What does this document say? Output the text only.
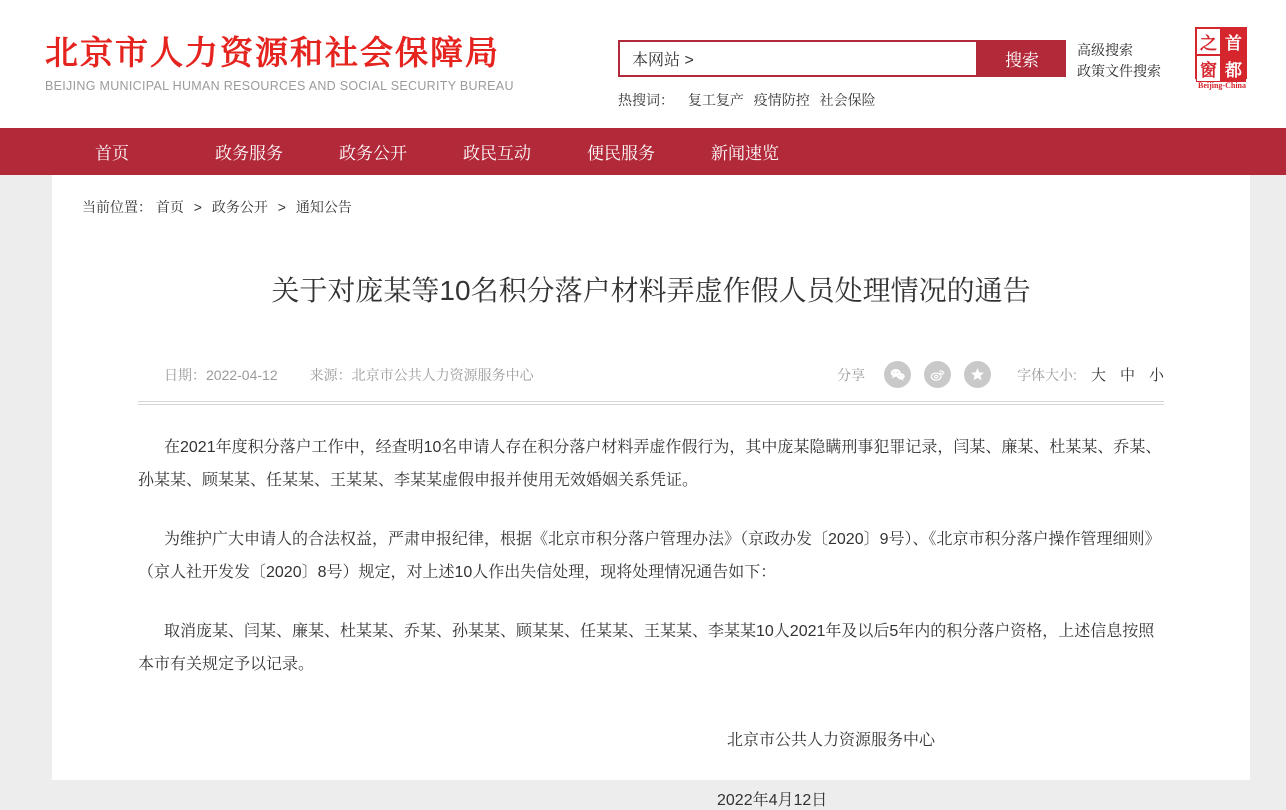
北京市人力资源和社会保障局
BEIJING MUNICIPAL HUMAN RESOURCES AND SOCIAL SECURITY BUREAU
本网站 >	搜索
热搜词： 复工复产 疫情防控 社会保险
高级搜索
政策文件搜索
之 首
窗 都
Beijing-China
首页	政务服务	政务公开	政民互动	便民服务	新闻速览
当前位置： 首页 > 政务公开 > 通知公告
关于对庞某等10名积分落户材料弄虚作假人员处理情况的通告
日期：2022-04-12 来源：北京市公共人力资源服务中心	分享	字体大小: 大 中 小

在2021年度积分落户工作中，经查明10名申请人存在积分落户材料弄虚作假行为，其中庞某隐瞒刑事犯罪记录，闫某、廉某、杜某某、乔某、孙某某、顾某某、任某某、王某某、李某某虚假申报并使用无效婚姻关系凭证。

为维护广大申请人的合法权益，严肃申报纪律，根据《北京市积分落户管理办法》（京政办发〔2020〕9号）、《北京市积分落户操作管理细则》（京人社开发发〔2020〕8号）规定，对上述10人作出失信处理，现将处理情况通告如下：

取消庞某、闫某、廉某、杜某某、乔某、孙某某、顾某某、任某某、王某某、李某某10人2021年及以后5年内的积分落户资格，上述信息按照本市有关规定予以记录。

北京市公共人力资源服务中心
2022年4月12日
